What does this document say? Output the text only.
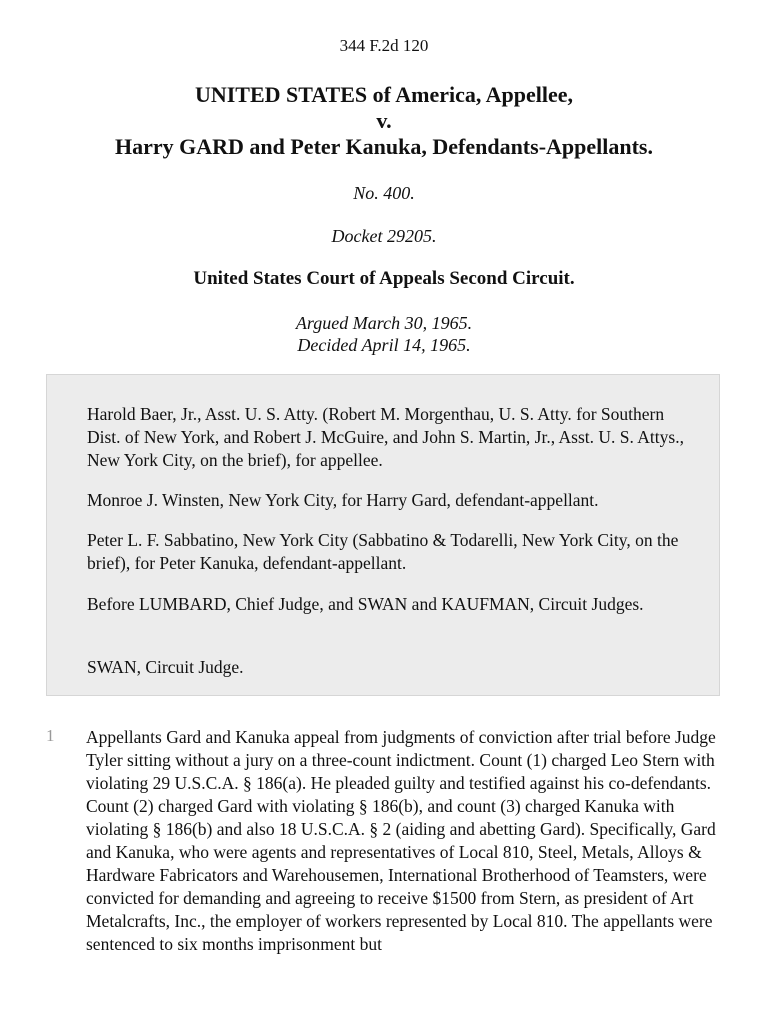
344 F.2d 120
UNITED STATES of America, Appellee,
v.
Harry GARD and Peter Kanuka, Defendants-Appellants.
No. 400.
Docket 29205.
United States Court of Appeals Second Circuit.
Argued March 30, 1965.
Decided April 14, 1965.

Harold Baer, Jr., Asst. U. S. Atty. (Robert M. Morgenthau, U. S. Atty. for Southern Dist. of New York, and Robert J. McGuire, and John S. Martin, Jr., Asst. U. S. Attys., New York City, on the brief), for appellee.

Monroe J. Winsten, New York City, for Harry Gard, defendant-appellant.

Peter L. F. Sabbatino, New York City (Sabbatino & Todarelli, New York City, on the brief), for Peter Kanuka, defendant-appellant.

Before LUMBARD, Chief Judge, and SWAN and KAUFMAN, Circuit Judges.

SWAN, Circuit Judge.

1 Appellants Gard and Kanuka appeal from judgments of conviction after trial before Judge Tyler sitting without a jury on a three-count indictment. Count (1) charged Leo Stern with violating 29 U.S.C.A. § 186(a). He pleaded guilty and testified against his co-defendants. Count (2) charged Gard with violating § 186(b), and count (3) charged Kanuka with violating § 186(b) and also 18 U.S.C.A. § 2 (aiding and abetting Gard). Specifically, Gard and Kanuka, who were agents and representatives of Local 810, Steel, Metals, Alloys & Hardware Fabricators and Warehousemen, International Brotherhood of Teamsters, were convicted for demanding and agreeing to receive $1500 from Stern, as president of Art Metalcrafts, Inc., the employer of workers represented by Local 810. The appellants were sentenced to six months imprisonment but
